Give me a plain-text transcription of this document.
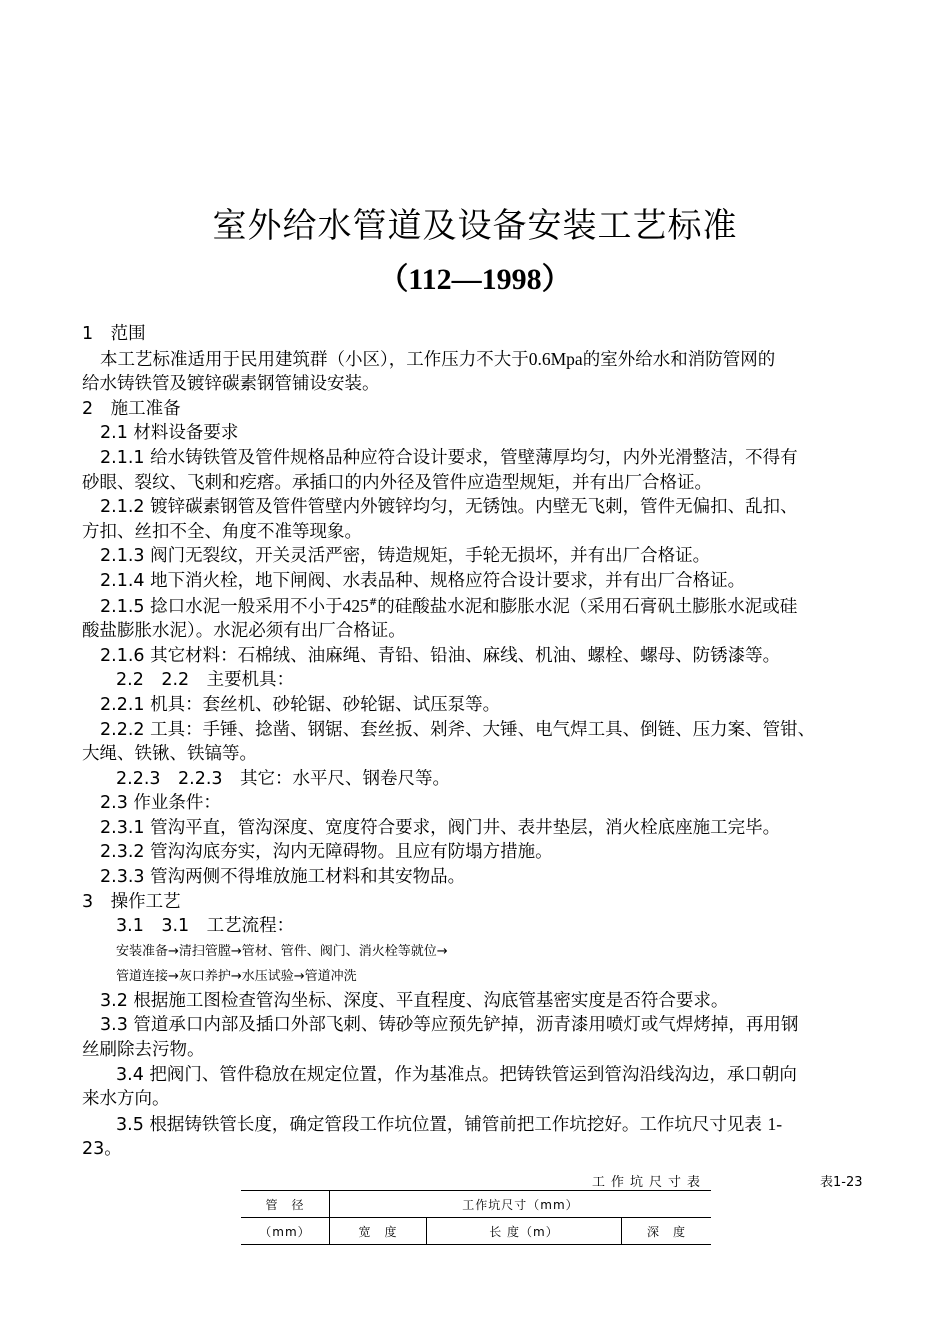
室外给水管道及设备安装工艺标准
（112—1998）
1　范围
本工艺标准适用于民用建筑群（小区），工作压力不大于0.6Mpa的室外给水和消防管网的
给水铸铁管及镀锌碳素钢管铺设安装。
2　施工准备
2.1 材料设备要求
2.1.1 给水铸铁管及管件规格品种应符合设计要求，管壁薄厚均匀，内外光滑整洁，不得有
砂眼、裂纹、飞刺和疙瘩。承插口的内外径及管件应造型规矩，并有出厂合格证。
2.1.2 镀锌碳素钢管及管件管壁内外镀锌均匀，无锈蚀。内壁无飞刺，管件无偏扣、乱扣、
方扣、丝扣不全、角度不准等现象。
2.1.3 阀门无裂纹，开关灵活严密，铸造规矩，手轮无损坏，并有出厂合格证。
2.1.4 地下消火栓，地下闸阀、水表品种、规格应符合设计要求，并有出厂合格证。
2.1.5 捻口水泥一般采用不小于425#的硅酸盐水泥和膨胀水泥（采用石膏矾土膨胀水泥或硅
酸盐膨胀水泥）。水泥必须有出厂合格证。
2.1.6 其它材料：石棉绒、油麻绳、青铅、铅油、麻线、机油、螺栓、螺母、防锈漆等。
2.2　2.2　主要机具：
2.2.1 机具：套丝机、砂轮锯、砂轮锯、试压泵等。
2.2.2 工具：手锤、捻凿、钢锯、套丝扳、剁斧、大锤、电气焊工具、倒链、压力案、管钳、
大绳、铁锹、铁镐等。
2.2.3　2.2.3　其它：水平尺、钢卷尺等。
2.3 作业条件：
2.3.1 管沟平直，管沟深度、宽度符合要求，阀门井、表井垫层，消火栓底座施工完毕。
2.3.2 管沟沟底夯实，沟内无障碍物。且应有防塌方措施。
2.3.3 管沟两侧不得堆放施工材料和其安物品。
3　操作工艺
3.1　3.1　工艺流程：
安装准备→清扫管膛→管材、管件、阀门、消火栓等就位→
管道连接→灰口养护→水压试验→管道冲洗
3.2 根据施工图检查管沟坐标、深度、平直程度、沟底管基密实度是否符合要求。
3.3 管道承口内部及插口外部飞刺、铸砂等应预先铲掉，沥青漆用喷灯或气焊烤掉，再用钢
丝刷除去污物。
3.4 把阀门、管件稳放在规定位置，作为基准点。把铸铁管运到管沟沿线沟边，承口朝向
来水方向。
3.5 根据铸铁管长度，确定管段工作坑位置，铺管前把工作坑挖好。工作坑尺寸见表 1-
23。
工作坑尺寸表	表1-23
管　径	工作坑尺寸（mm）		
（mm）	宽　度	长 度（m）	深　度
